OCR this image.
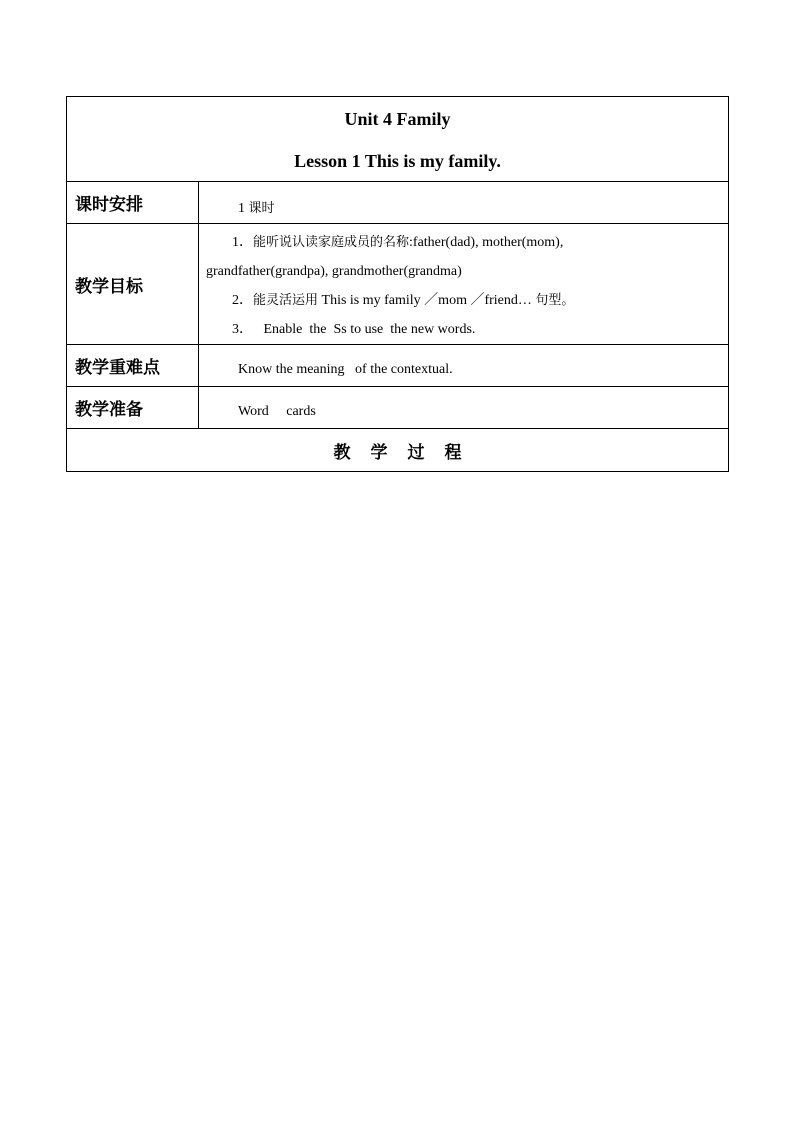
Unit 4 Family
Lesson 1 This is my family.	

课时安排	1 课时

教学目标	1．能听说认读家庭成员的名称:father(dad), mother(mom),
grandfather(grandpa), grandmother(grandma)
2．能灵活运用 This is my family ／mom ／friend… 句型。
3．   Enable  the  Ss to use  the new words.

教学重难点	Know the meaning   of the contextual.

教学准备	Word     cards

教学过程	
